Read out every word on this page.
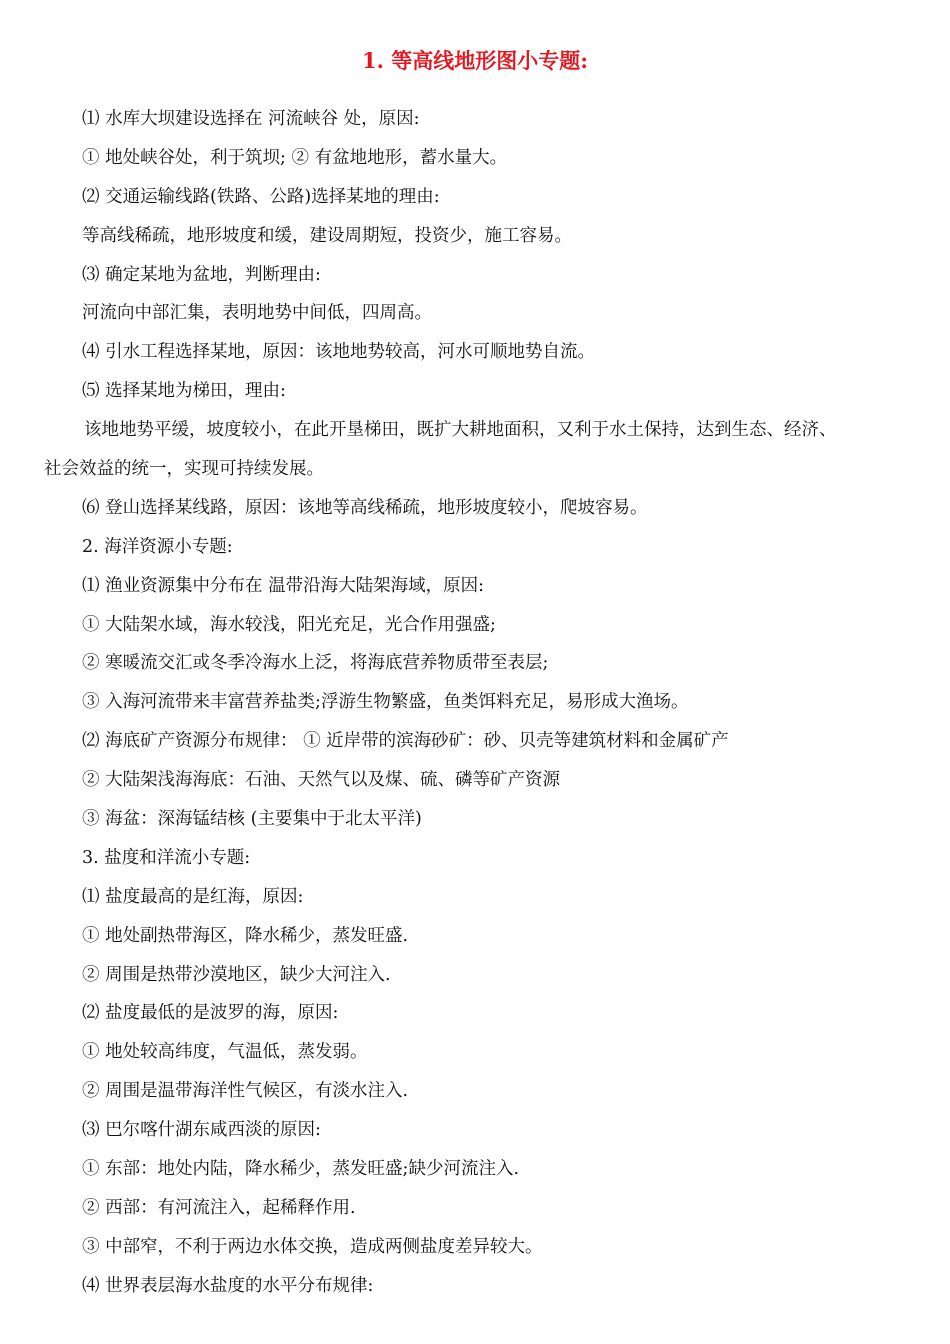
1. 等高线地形图小专题:
⑴ 水库大坝建设选择在 河流峡谷 处，原因:
① 地处峡谷处，利于筑坝; ② 有盆地地形，蓄水量大。
⑵ 交通运输线路(铁路、公路)选择某地的理由:
等高线稀疏，地形坡度和缓，建设周期短，投资少，施工容易。
⑶ 确定某地为盆地，判断理由:
河流向中部汇集，表明地势中间低，四周高。
⑷ 引水工程选择某地，原因：该地地势较高，河水可顺地势自流。
⑸ 选择某地为梯田，理由:
该地地势平缓，坡度较小，在此开垦梯田，既扩大耕地面积，又利于水土保持，达到生态、经济、
社会效益的统一，实现可持续发展。
⑹ 登山选择某线路，原因：该地等高线稀疏，地形坡度较小，爬坡容易。
2. 海洋资源小专题:
⑴ 渔业资源集中分布在 温带沿海大陆架海域，原因:
① 大陆架水域，海水较浅，阳光充足，光合作用强盛;
② 寒暖流交汇或冬季冷海水上泛，将海底营养物质带至表层;
③ 入海河流带来丰富营养盐类;浮游生物繁盛，鱼类饵料充足，易形成大渔场。
⑵ 海底矿产资源分布规律： ① 近岸带的滨海砂矿：砂、贝壳等建筑材料和金属矿产
② 大陆架浅海海底：石油、天然气以及煤、硫、磷等矿产资源
③ 海盆：深海锰结核 (主要集中于北太平洋)
3. 盐度和洋流小专题:
⑴ 盐度最高的是红海，原因:
① 地处副热带海区，降水稀少，蒸发旺盛.
② 周围是热带沙漠地区，缺少大河注入.
⑵ 盐度最低的是波罗的海，原因:
① 地处较高纬度，气温低，蒸发弱。
② 周围是温带海洋性气候区，有淡水注入.
⑶ 巴尔喀什湖东咸西淡的原因:
① 东部：地处内陆，降水稀少，蒸发旺盛;缺少河流注入.
② 西部：有河流注入，起稀释作用.
③ 中部窄，不利于两边水体交换，造成两侧盐度差异较大。
⑷ 世界表层海水盐度的水平分布规律:
